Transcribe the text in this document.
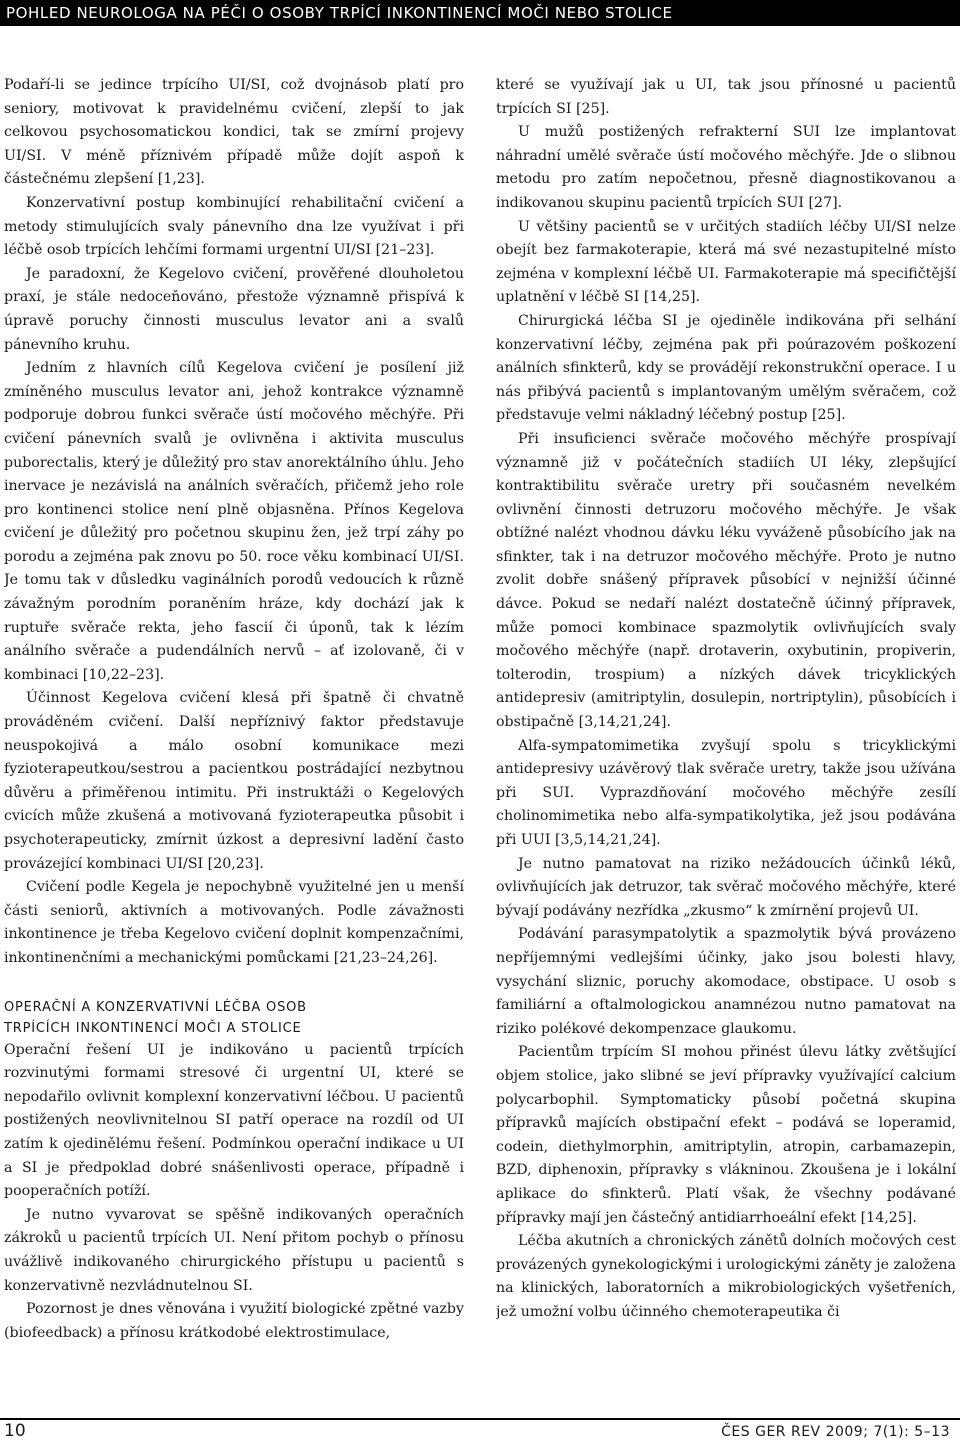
POHLED NEUROLOGA NA PÉČI O OSOBY TRPÍCÍ INKONTINENCÍ MOČI NEBO STOLICE

Podaří-li se jedince trpícího UI/SI, což dvojnásob platí pro seniory, motivovat k pravidelnému cvičení, zlepší to jak celkovou psychosomatickou kondici, tak se zmírní projevy UI/SI. V méně příznivém případě může dojít aspoň k částečnému zlepšení [1,23].

Konzervativní postup kombinující rehabilitační cvičení a metody stimulujících svaly pánevního dna lze využívat i při léčbě osob trpících lehčími formami urgentní UI/SI [21–23].

Je paradoxní, že Kegelovo cvičení, prověřené dlouholetou praxí, je stále nedoceňováno, přestože významně přispívá k úpravě poruchy činnosti musculus levator ani a svalů pánevního kruhu.

Jedním z hlavních cílů Kegelova cvičení je posílení již zmíněného musculus levator ani, jehož kontrakce významně podporuje dobrou funkci svěrače ústí močového měchýře. Při cvičení pánevních svalů je ovlivněna i aktivita musculus puborectalis, který je důležitý pro stav anorektálního úhlu. Jeho inervace je nezávislá na análních svěračích, přičemž jeho role pro kontinenci stolice není plně objasněna. Přínos Kegelova cvičení je důležitý pro početnou skupinu žen, jež trpí záhy po porodu a zejména pak znovu po 50. roce věku kombinací UI/SI. Je tomu tak v důsledku vaginálních porodů vedoucích k různě závažným porodním poraněním hráze, kdy dochází jak k ruptuře svěrače rekta, jeho fascií či úponů, tak k lézím análního svěrače a pudendálních nervů – ať izolovaně, či v kombinaci [10,22–23].

Účinnost Kegelova cvičení klesá při špatně či chvatně prováděném cvičení. Další nepříznivý faktor představuje neuspokojivá a málo osobní komunikace mezi fyzioterapeutkou/sestrou a pacientkou postrádající nezbytnou důvěru a přiměřenou intimitu. Při instruktáži o Kegelových cvicích může zkušená a motivovaná fyzioterapeutka působit i psychoterapeuticky, zmírnit úzkost a depresivní ladění často provázející kombinaci UI/SI [20,23].

Cvičení podle Kegela je nepochybně využitelné jen u menší části seniorů, aktivních a motivovaných. Podle závažnosti inkontinence je třeba Kegelovo cvičení doplnit kompenzačními, inkontinenčními a mechanickými pomůckami [21,23–24,26].

OPERAČNÍ A KONZERVATIVNÍ LÉČBA OSOB
TRPÍCÍCH INKONTINENCÍ MOČI A STOLICE

Operační řešení UI je indikováno u pacientů trpících rozvinutými formami stresové či urgentní UI, které se nepodařilo ovlivnit komplexní konzervativní léčbou. U pacientů postižených neovlivnitelnou SI patří operace na rozdíl od UI zatím k ojedinělému řešení. Podmínkou operační indikace u UI a SI je předpoklad dobré snášenlivosti operace, případně i pooperačních potíží.

Je nutno vyvarovat se spěšně indikovaných operačních zákroků u pacientů trpících UI. Není přitom pochyb o přínosu uvážlivě indikovaného chirurgického přístupu u pacientů s konzervativně nezvládnutelnou SI.

Pozornost je dnes věnována i využití biologické zpětné vazby (biofeedback) a přínosu krátkodobé elektrostimulace,

které se využívají jak u UI, tak jsou přínosné u pacientů trpících SI [25].

U mužů postižených refrakterní SUI lze implantovat náhradní umělé svěrače ústí močového měchýře. Jde o slibnou metodu pro zatím nepočetnou, přesně diagnostikovanou a indikovanou skupinu pacientů trpících SUI [27].

U většiny pacientů se v určitých stadiích léčby UI/SI nelze obejít bez farmakoterapie, která má své nezastupitelné místo zejména v komplexní léčbě UI. Farmakoterapie má specifičtější uplatnění v léčbě SI [14,25].

Chirurgická léčba SI je ojediněle indikována při selhání konzervativní léčby, zejména pak při poúrazovém poškození análních sfinkterů, kdy se provádějí rekonstrukční operace. I u nás přibývá pacientů s implantovaným umělým svěračem, což představuje velmi nákladný léčebný postup [25].

Při insuficienci svěrače močového měchýře prospívají významně již v počátečních stadiích UI léky, zlepšující kontraktibilitu svěrače uretry při současném nevelkém ovlivnění činnosti detruzoru močového měchýře. Je však obtížné nalézt vhodnou dávku léku vyváženě působícího jak na sfinkter, tak i na detruzor močového měchýře. Proto je nutno zvolit dobře snášený přípravek působící v nejnižší účinné dávce. Pokud se nedaří nalézt dostatečně účinný přípravek, může pomoci kombinace spazmolytik ovlivňujících svaly močového měchýře (např. drotaverin, oxybutinin, propiverin, tolterodin, trospium) a nízkých dávek tricyklických antidepresiv (amitriptylin, dosulepin, nortriptylin), působících i obstipačně [3,14,21,24].

Alfa-sympatomimetika zvyšují spolu s tricyklickými antidepresivy uzávěrový tlak svěrače uretry, takže jsou užívána při SUI. Vyprazdňování močového měchýře zesílí cholinomimetika nebo alfa-sympatikolytika, jež jsou podávána při UUI [3,5,14,21,24].

Je nutno pamatovat na riziko nežádoucích účinků léků, ovlivňujících jak detruzor, tak svěrač močového měchýře, které bývají podávány nezřídka „zkusmo“ k zmírnění projevů UI.

Podávání parasympatolytik a spazmolytik bývá provázeno nepříjemnými vedlejšími účinky, jako jsou bolesti hlavy, vysychání sliznic, poruchy akomodace, obstipace. U osob s familiární a oftalmologickou anamnézou nutno pamatovat na riziko polékové dekompenzace glaukomu.

Pacientům trpícím SI mohou přinést úlevu látky zvětšující objem stolice, jako slibné se jeví přípravky využívající calcium polycarbophil. Symptomaticky působí početná skupina přípravků majících obstipační efekt – podává se loperamid, codein, diethylmorphin, amitriptylin, atropin, carbamazepin, BZD, diphenoxin, přípravky s vlákninou. Zkoušena je i lokální aplikace do sfinkterů. Platí však, že všechny podávané přípravky mají jen částečný antidiarrhoeální efekt [14,25].

Léčba akutních a chronických zánětů dolních močových cest provázených gynekologickými i urologickými záněty je založena na klinických, laboratorních a mikrobiologických vyšetřeních, jež umožní volbu účinného chemoterapeutika či

10	ČES GER REV 2009; 7(1): 5–13
